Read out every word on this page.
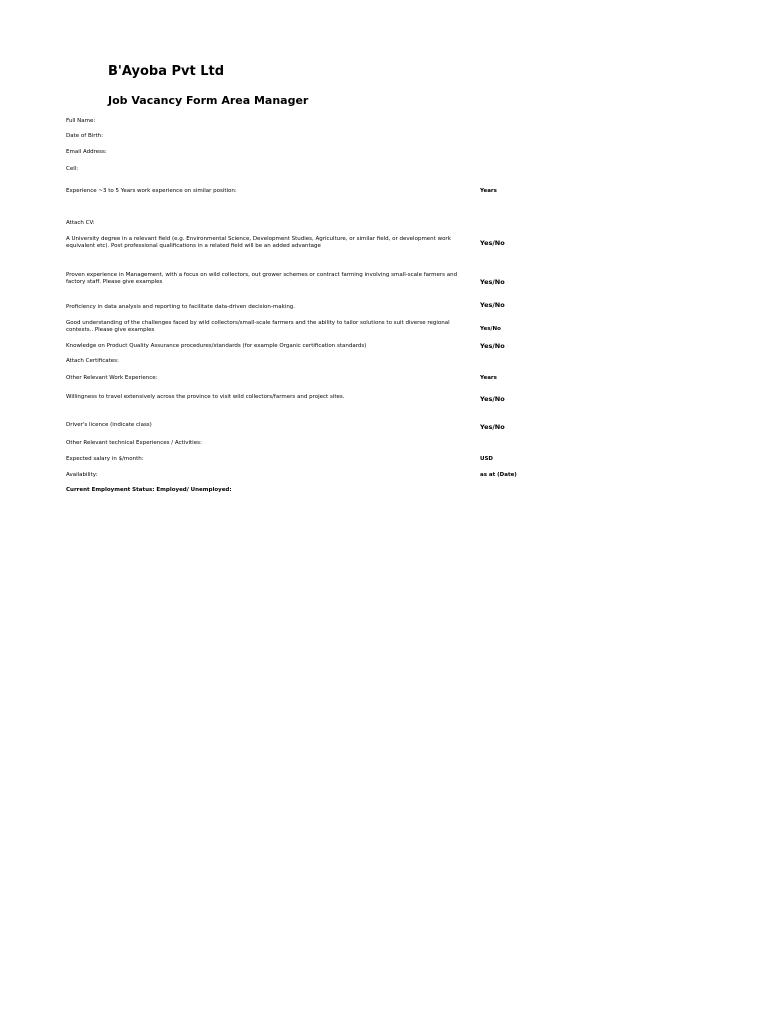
B'Ayoba Pvt Ltd
Job Vacancy Form Area Manager
Full Name:
Date of Birth:
Email Address:
Cell:
Experience ~3 to 5 Years work experience on similar position:	Years
Attach CV:
A University degree in a relevant field (e.g. Environmental Science, Development Studies, Agriculture, or similar field, or development work equivalent etc). Post professional qualifications in a related field will be an added advantage	Yes/No
Proven experience in Management, with a focus on wild collectors, out grower schemes or contract farming involving small-scale farmers and factory staff. Please give examples	Yes/No
Proficiency in data analysis and reporting to facilitate data-driven decision-making.	Yes/No
Good understanding of the challenges faced by wild collectors/small-scale farmers and the ability to tailor solutions to suit diverse regional contexts.. Please give examples	Yes/No
Knowledge on Product Quality Assurance procedures/standards (for example Organic certification standards)	Yes/No
Attach Certificates:
Other Relevant Work Experience:	Years
Willingness to travel extensively across the province to visit wild collectors/farmers and project sites.	Yes/No
Driver's licence (indicate class)	Yes/No
Other Relevant technical Experiences / Activities:
Expected salary in $/month:	USD
Availability:	as at (Date)
Current Employment Status: Employed/ Unemployed:
